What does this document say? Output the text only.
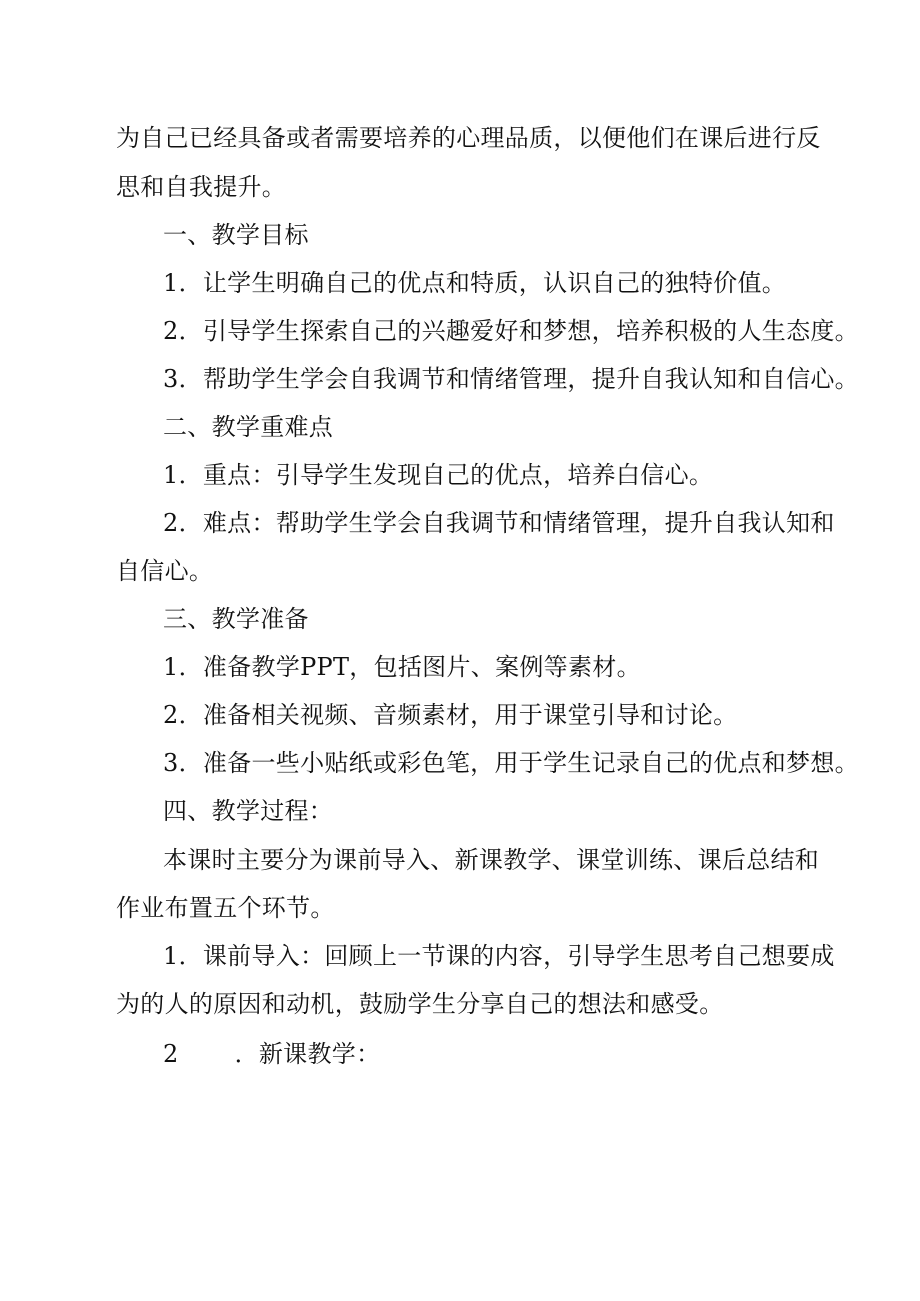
为自己已经具备或者需要培养的心理品质，以便他们在课后进行反
思和自我提升。
一、教学目标
1．让学生明确自己的优点和特质，认识自己的独特价值。
2．引导学生探索自己的兴趣爱好和梦想，培养积极的人生态度。
3．帮助学生学会自我调节和情绪管理，提升自我认知和自信心。
二、教学重难点
1．重点：引导学生发现自己的优点，培养白信心。
2．难点：帮助学生学会自我调节和情绪管理，提升自我认知和
自信心。
三、教学准备
1．准备教学PPT，包括图片、案例等素材。
2．准备相关视频、音频素材，用于课堂引导和讨论。
3．准备一些小贴纸或彩色笔，用于学生记录自己的优点和梦想。
四、教学过程：
本课时主要分为课前导入、新课教学、课堂训练、课后总结和
作业布置五个环节。
1．课前导入：回顾上一节课的内容，引导学生思考自己想要成
为的人的原因和动机，鼓励学生分享自己的想法和感受。
2 ．新课教学：
